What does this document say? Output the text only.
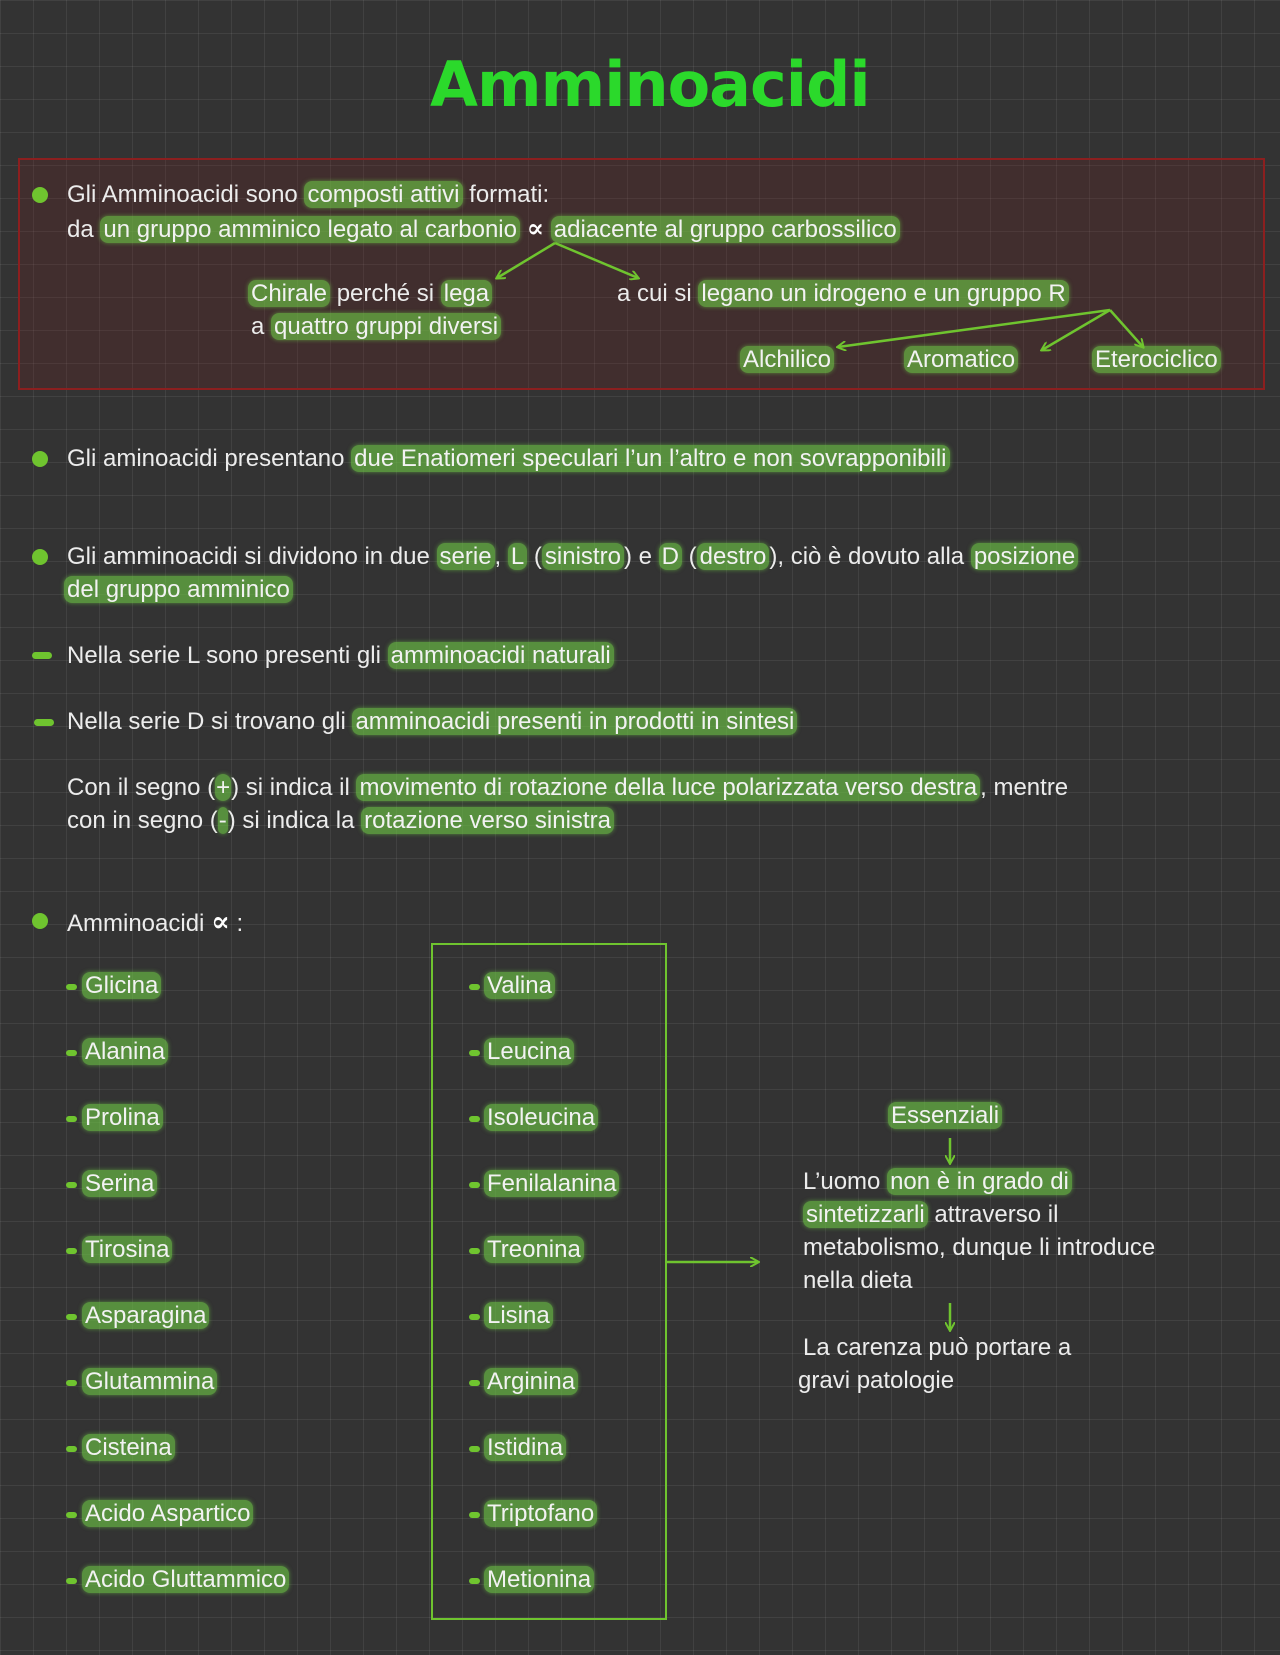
Amminoacidi
Gli Amminoacidi sono composti attivi formati:
da un gruppo amminico legato al carbonio ∝ adiacente al gruppo carbossilico
Chirale perché si lega
a quattro gruppi diversi
a cui si legano un idrogeno e un gruppo R
Alchilico	Aromatico	Eterociclico
Gli aminoacidi presentano due Enatiomeri speculari l’un l’altro e non sovrapponibili
Gli amminoacidi si dividono in due serie , L ( sinistro ) e D ( destro ), ciò è dovuto alla posizione
del gruppo amminico
Nella serie L sono presenti gli amminoacidi naturali
Nella serie D si trovano gli amminoacidi presenti in prodotti in sintesi
Con il segno (+) si indica il movimento di rotazione della luce polarizzata verso destra , mentre
con in segno (-) si indica la rotazione verso sinistra
Amminoacidi ∝ :
Glicina
Alanina
Prolina
Serina
Tirosina
Asparagina
Glutammina
Cisteina
Acido Aspartico
Acido Gluttammico
Valina
Leucina
Isoleucina
Fenilalanina
Treonina
Lisina
Arginina
Istidina
Triptofano
Metionina
Essenziali
L’uomo non è in grado di
sintetizzarli attraverso il
metabolismo, dunque li introduce
nella dieta
La carenza può portare a
gravi patologie
